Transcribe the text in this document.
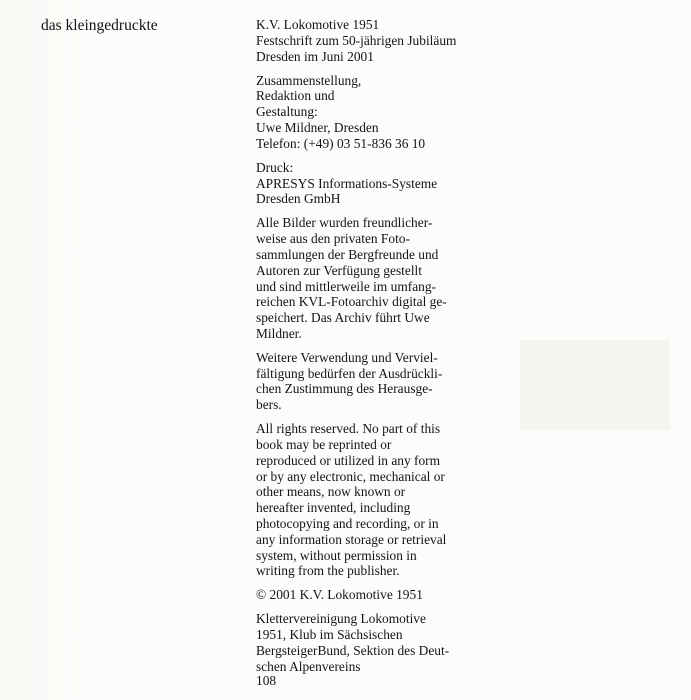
das kleingedruckte	K.V. Lokomotive 1951
Festschrift zum 50-jährigen Jubiläum
Dresden im Juni 2001
Zusammenstellung,
Redaktion und
Gestaltung:
Uwe Mildner, Dresden
Telefon: (+49) 03 51-836 36 10
Druck:
APRESYS Informations-Systeme
Dresden GmbH
Alle Bilder wurden freundlicher-
weise aus den privaten Foto-
sammlungen der Bergfreunde und
Autoren zur Verfügung gestellt
und sind mittlerweile im umfang-
reichen KVL-Fotoarchiv digital ge-
speichert. Das Archiv führt Uwe
Mildner.
Weitere Verwendung und Verviel-
fältigung bedürfen der Ausdrückli-
chen Zustimmung des Herausge-
bers.
All rights reserved. No part of this
book may be reprinted or
reproduced or utilized in any form
or by any electronic, mechanical or
other means, now known or
hereafter invented, including
photocopying and recording, or in
any information storage or retrieval
system, without permission in
writing from the publisher.
© 2001 K.V. Lokomotive 1951
Klettervereinigung Lokomotive
1951, Klub im Sächsischen
BergsteigerBund, Sektion des Deut-
schen Alpenvereins
108
